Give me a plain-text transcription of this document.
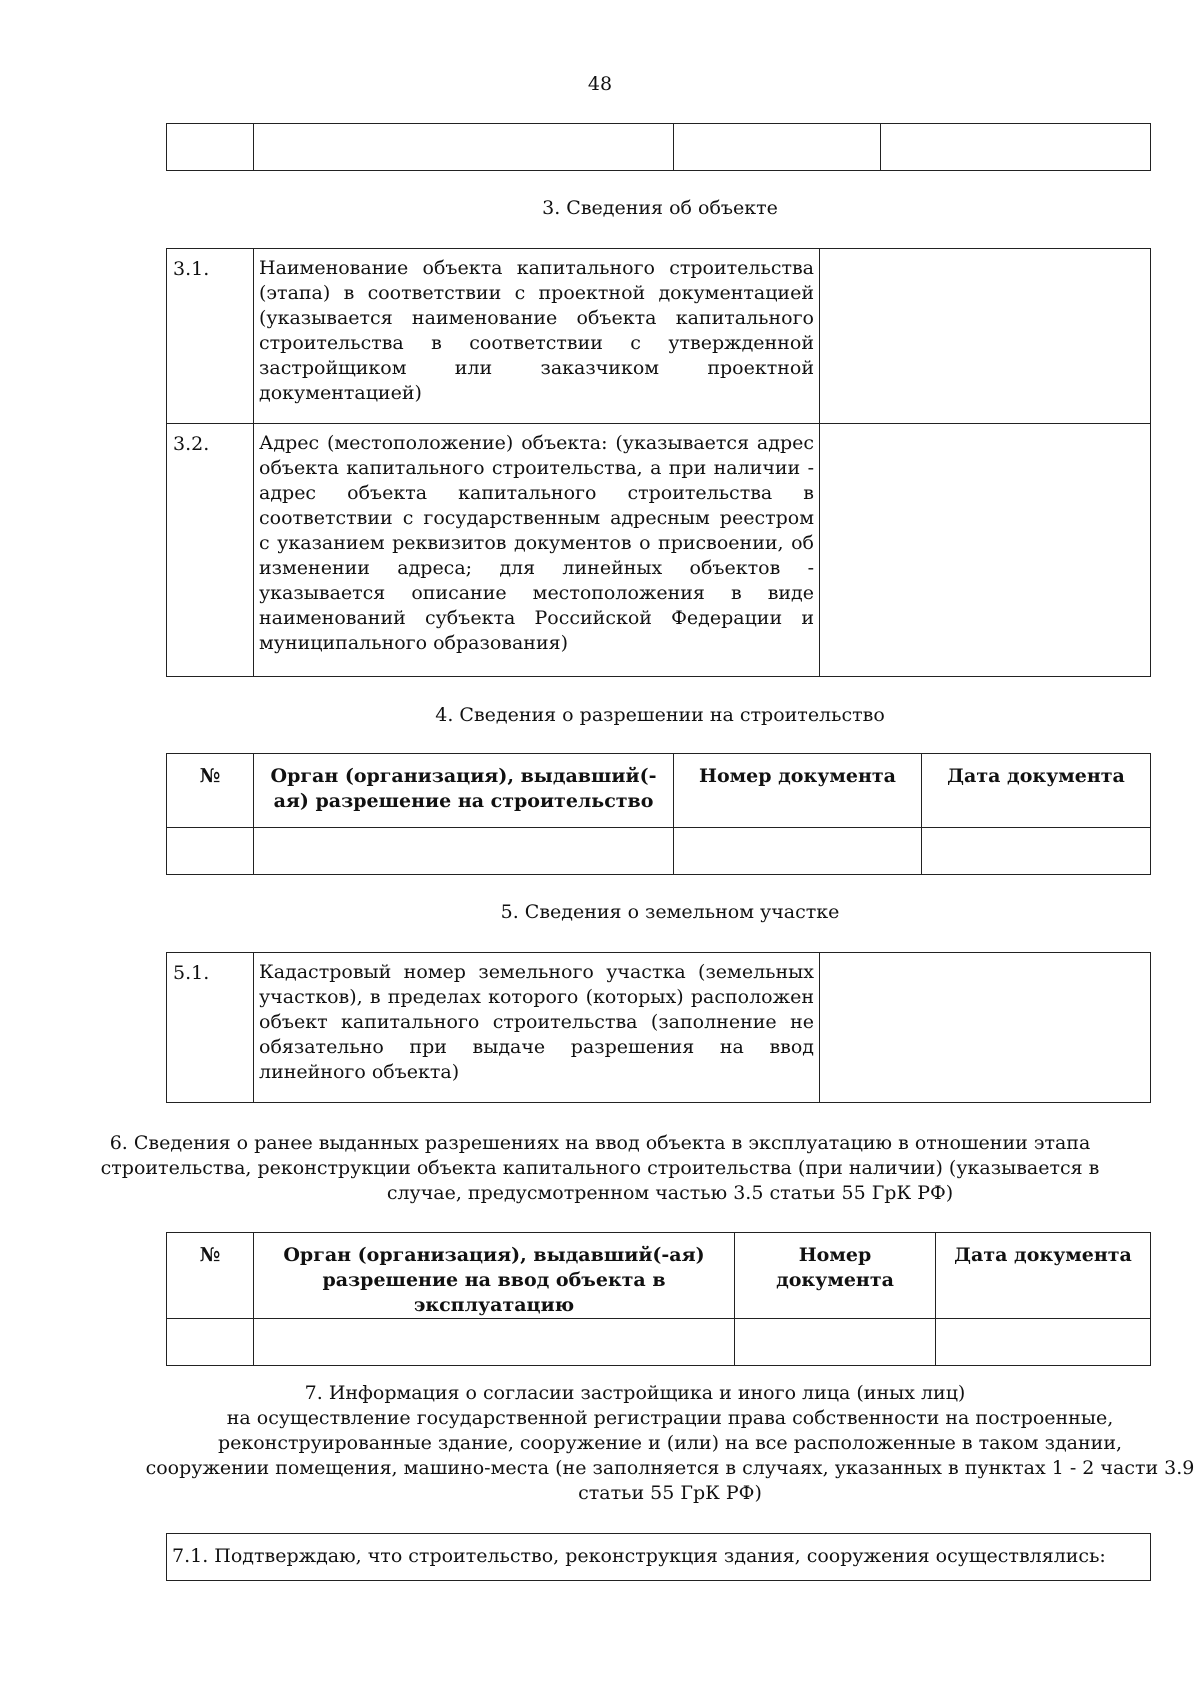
48

3. Сведения об объекте
3.1.	Наименование объекта капитального строительства (этапа) в соответствии с проектной документацией (указывается наименование объекта капитального строительства в соответствии с утвержденной застройщиком или заказчиком проектной документацией)	
3.2.	Адрес (местоположение) объекта: (указывается адрес объекта капитального строительства, а при наличии - адрес объекта капитального строительства в соответствии с государственным адресным реестром с указанием реквизитов документов о присвоении, об изменении адреса; для линейных объектов - указывается описание местоположения в виде наименований субъекта Российской Федерации и муниципального образования)	
4. Сведения о разрешении на строительство
№	Орган (организация), выдавший(-ая) разрешение на строительство	Номер документа	Дата документа

5. Сведения о земельном участке
5.1.	Кадастровый номер земельного участка (земельных участков), в пределах которого (которых) расположен объект капитального строительства (заполнение не обязательно при выдаче разрешения на ввод линейного объекта)	
6. Сведения о ранее выданных разрешениях на ввод объекта в эксплуатацию в отношении этапа
строительства, реконструкции объекта капитального строительства (при наличии) (указывается в
случае, предусмотренном частью 3.5 статьи 55 ГрК РФ)
№	Орган (организация), выдавший(-ая) разрешение на ввод объекта в эксплуатацию	Номер документа	Дата документа

7. Информация о согласии застройщика и иного лица (иных лиц)
на осуществление государственной регистрации права собственности на построенные,
реконструированные здание, сооружение и (или) на все расположенные в таком здании,
сооружении помещения, машино-места (не заполняется в случаях, указанных в пунктах 1 - 2 части 3.9
статьи 55 ГрК РФ)
7.1. Подтверждаю, что строительство, реконструкция здания, сооружения осуществлялись:
